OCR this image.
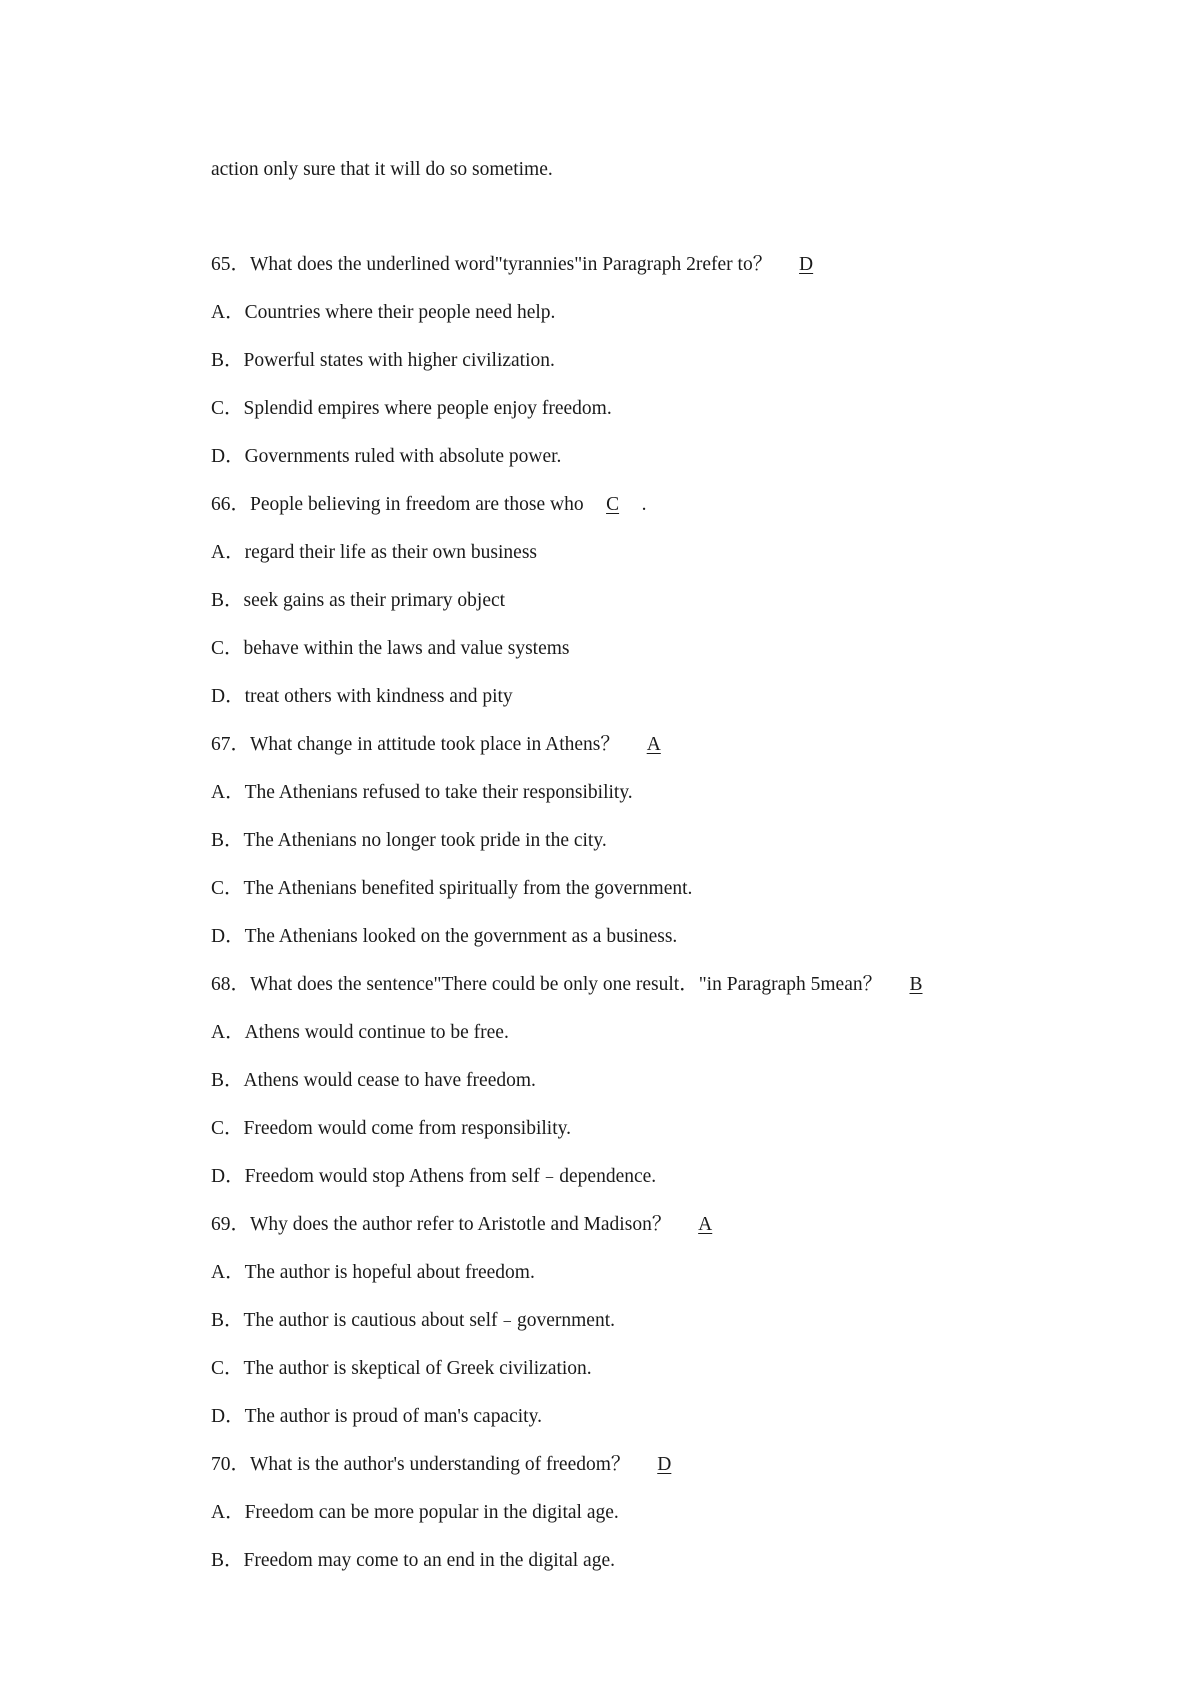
action only sure that it will do so sometime.
65．What does the underlined word"tyrannies"in Paragraph 2refer to？ D
A．Countries where their people need help.
B．Powerful states with higher civilization.
C．Splendid empires where people enjoy freedom.
D．Governments ruled with absolute power.
66．People believing in freedom are those who C .
A．regard their life as their own business
B．seek gains as their primary object
C．behave within the laws and value systems
D．treat others with kindness and pity
67．What change in attitude took place in Athens？ A
A．The Athenians refused to take their responsibility.
B．The Athenians no longer took pride in the city.
C．The Athenians benefited spiritually from the government.
D．The Athenians looked on the government as a business.
68．What does the sentence"There could be only one result．"in Paragraph 5mean？ B
A．Athens would continue to be free.
B．Athens would cease to have freedom.
C．Freedom would come from responsibility.
D．Freedom would stop Athens from self﹣dependence.
69．Why does the author refer to Aristotle and Madison？ A
A．The author is hopeful about freedom.
B．The author is cautious about self﹣government.
C．The author is skeptical of Greek civilization.
D．The author is proud of man's capacity.
70．What is the author's understanding of freedom？ D
A．Freedom can be more popular in the digital age.
B．Freedom may come to an end in the digital age.
